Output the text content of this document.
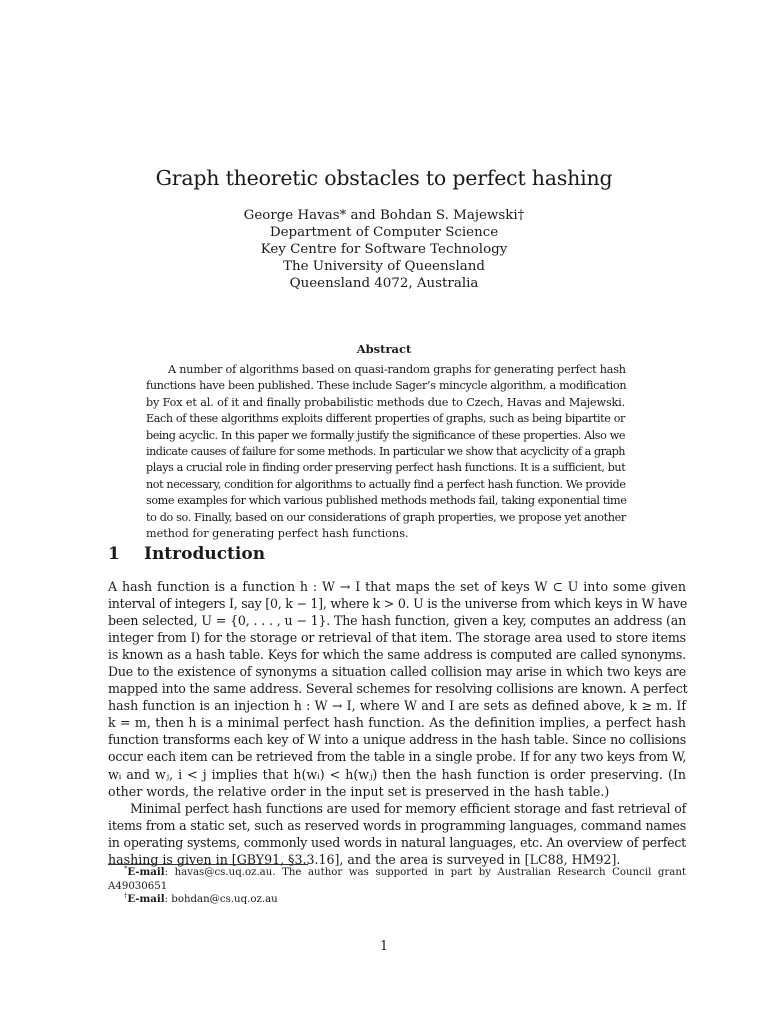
Graph theoretic obstacles to perfect hashing
George Havas* and Bohdan S. Majewski†
Department of Computer Science
Key Centre for Software Technology
The University of Queensland
Queensland 4072, Australia
Abstract
A number of algorithms based on quasi-random graphs for generating perfect hash
functions have been published. These include Sager’s mincycle algorithm, a modification
by Fox et al. of it and finally probabilistic methods due to Czech, Havas and Majewski.
Each of these algorithms exploits different properties of graphs, such as being bipartite or
being acyclic. In this paper we formally justify the significance of these properties. Also we
indicate causes of failure for some methods. In particular we show that acyclicity of a graph
plays a crucial role in finding order preserving perfect hash functions. It is a sufficient, but
not necessary, condition for algorithms to actually find a perfect hash function. We provide
some examples for which various published methods methods fail, taking exponential time
to do so. Finally, based on our considerations of graph properties, we propose yet another
method for generating perfect hash functions.
1 Introduction
A hash function is a function h : W → I that maps the set of keys W ⊂ U into some given
interval of integers I, say [0, k − 1], where k > 0. U is the universe from which keys in W have
been selected, U = {0, . . . , u − 1}. The hash function, given a key, computes an address (an
integer from I) for the storage or retrieval of that item. The storage area used to store items
is known as a hash table. Keys for which the same address is computed are called synonyms.
Due to the existence of synonyms a situation called collision may arise in which two keys are
mapped into the same address. Several schemes for resolving collisions are known. A perfect
hash function is an injection h : W → I, where W and I are sets as defined above, k ≥ m. If
k = m, then h is a minimal perfect hash function. As the definition implies, a perfect hash
function transforms each key of W into a unique address in the hash table. Since no collisions
occur each item can be retrieved from the table in a single probe. If for any two keys from W,
wᵢ and wⱼ, i < j implies that h(wᵢ) < h(wⱼ) then the hash function is order preserving. (In
other words, the relative order in the input set is preserved in the hash table.)
Minimal perfect hash functions are used for memory efficient storage and fast retrieval of
items from a static set, such as reserved words in programming languages, command names
in operating systems, commonly used words in natural languages, etc. An overview of perfect
hashing is given in [GBY91, §3.3.16], and the area is surveyed in [LC88, HM92].
*E-mail: havas@cs.uq.oz.au. The author was supported in part by Australian Research Council grant
A49030651
†E-mail: bohdan@cs.uq.oz.au
1
